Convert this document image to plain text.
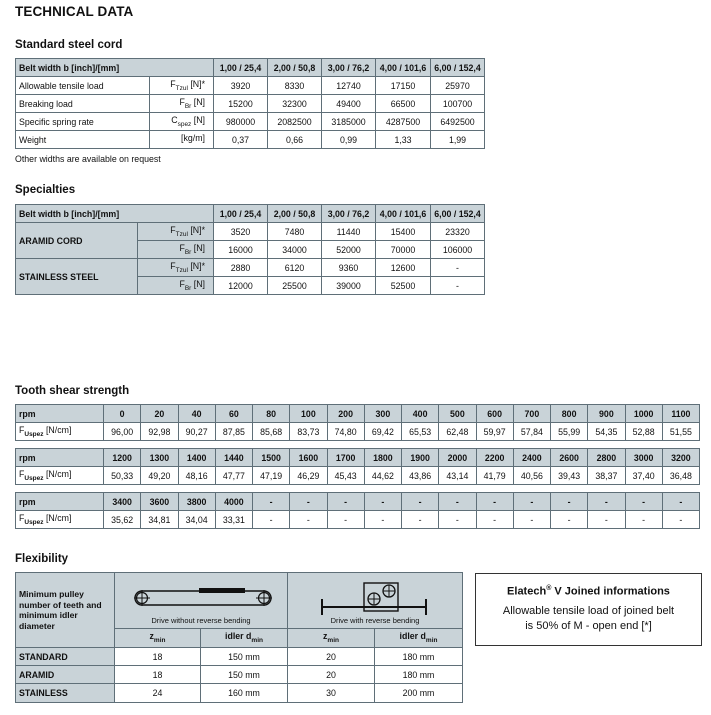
TECHNICAL DATA
Standard steel cord
Belt width b [inch]/[mm]		1,00 / 25,4	2,00 / 50,8	3,00 / 76,2	4,00 / 101,6	6,00 / 152,4
Allowable tensile load	$F_{Tzul}$ [N]*	3920	8330	12740	17150	25970
Breaking load	$F_{Br}$ [N]	15200	32300	49400	66500	100700
Specific spring rate	$C_{spez}$ [N]	980000	2082500	3185000	4287500	6492500
Weight	[kg/m]	0,37	0,66	0,99	1,33	1,99
Other widths are available on request
Specialties
Belt width b [inch]/[mm]		1,00 / 25,4	2,00 / 50,8	3,00 / 76,2	4,00 / 101,6	6,00 / 152,4
ARAMID CORD	$F_{Tzul}$ [N]*	3520	7480	11440	15400	23320
	$F_{Br}$ [N]	16000	34000	52000	70000	106000
STAINLESS STEEL	$F_{Tzul}$ [N]*	2880	6120	9360	12600	-
	$F_{Br}$ [N]	12000	25500	39000	52500	-
Tooth shear strength
rpm	0	20	40	60	80	100	200	300	400	500	600	700	800	900	1000	1100
$F_{Uspez}$ [N/cm]	96,00	92,98	90,27	87,85	85,68	83,73	74,80	69,42	65,53	62,48	59,97	57,84	55,99	54,35	52,88	51,55
rpm	1200	1300	1400	1440	1500	1600	1700	1800	1900	2000	2200	2400	2600	2800	3000	3200
$F_{Uspez}$ [N/cm]	50,33	49,20	48,16	47,77	47,19	46,29	45,43	44,62	43,86	43,14	41,79	40,56	39,43	38,37	37,40	36,48
rpm	3400	3600	3800	4000	-	-	-	-	-	-	-	-	-	-	-	-
$F_{Uspez}$ [N/cm]	35,62	34,81	34,04	33,31	-	-	-	-	-	-	-	-	-	-	-	-
Flexibility
Minimum pulley number of teeth and minimum idler diameter	Drive without reverse bending	Drive with reverse bending
$z_{min}$	idler $d_{min}$	$z_{min}$	idler $d_{min}$
STANDARD	18	150 mm	20	180 mm
ARAMID	18	150 mm	20	180 mm
STAINLESS	24	160 mm	30	200 mm
Elatech® V Joined informations
Allowable tensile load of joined belt
is 50% of M - open end [*]
